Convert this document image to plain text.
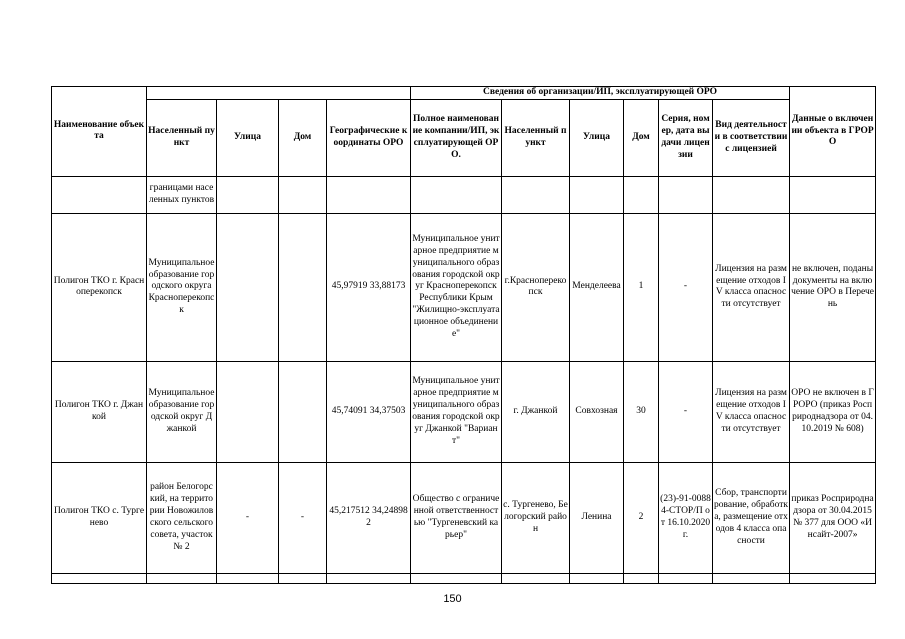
Наименование объекта					Сведения об организации/ИП, эксплуатирующей ОРО						Данные о включении объекта в ГРОРО
	Населенный пункт	Улица	Дом	Географические координаты ОРО	Полное наименование компании/ИП, эксплуатирующей ОРО.	Населенный пункт	Улица	Дом	Серия, номер, дата выдачи лицензии	Вид деятельности в соответствии с лицензией	
	границами населенных пунктов										
Полигон ТКО г. Красноперекопск	Муниципальное образование городского округа Красноперекопск			45,97919 33,88173	Муниципальное унитарное предприятие муниципального образования городской округ Красноперекопск Республики Крым "Жилищно-эксплуатационное объединение"	г.Красноперекопск	Менделеева	1	-	Лицензия на размещение отходов IV класса опасности отсутствует	не включен, поданы документы на включение ОРО в Перечень
Полигон ТКО г. Джанкой	Муниципальное образование городской округ Джанкой			45,74091 34,37503	Муниципальное унитарное предприятие муниципального образования городской округ Джанкой "Вариант"	г. Джанкой	Совхозная	30	-	Лицензия на размещение отходов IV класса опасности отсутствует	ОРО не включен в ГРОРО (приказ Росприроднадзора от 04.10.2019 № 608)
Полигон ТКО с. Тургенево	район Белогорский, на территории Новожиловского сельского совета, участок № 2	-	-	45,217512 34,248982	Общество с ограниченной ответственностью "Тургеневский карьер"	с. Тургенево, Белогорский район	Ленина	2	(23)-91-00884-СТОР/П от 16.10.2020г.	Сбор, транспортирование, обработка, размещение отходов 4 класса опасности	приказ Росприроднадзора от 30.04.2015 № 377 для ООО «Инсайт-2007»

150
